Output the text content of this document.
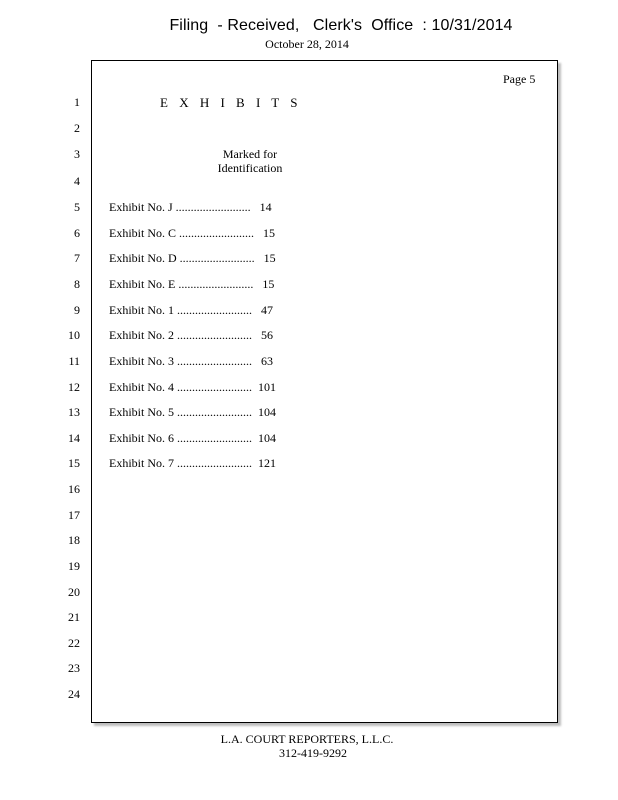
Filing  - Received,   Clerk's  Office  : 10/31/2014
October 28, 2014
Page 5
1
2
3
4
5
6
7
8
9
10
11
12
13
14
15
16
17
18
19
20
21
22
23
24
E X H I B I T S
Marked for
Identification
Exhibit No. J .........................   14
Exhibit No. C .........................   15
Exhibit No. D .........................   15
Exhibit No. E .........................   15
Exhibit No. 1 .........................   47
Exhibit No. 2 .........................   56
Exhibit No. 3 .........................   63
Exhibit No. 4 .........................  101
Exhibit No. 5 .........................  104
Exhibit No. 6 .........................  104
Exhibit No. 7 .........................  121
L.A. COURT REPORTERS, L.L.C.
312-419-9292
